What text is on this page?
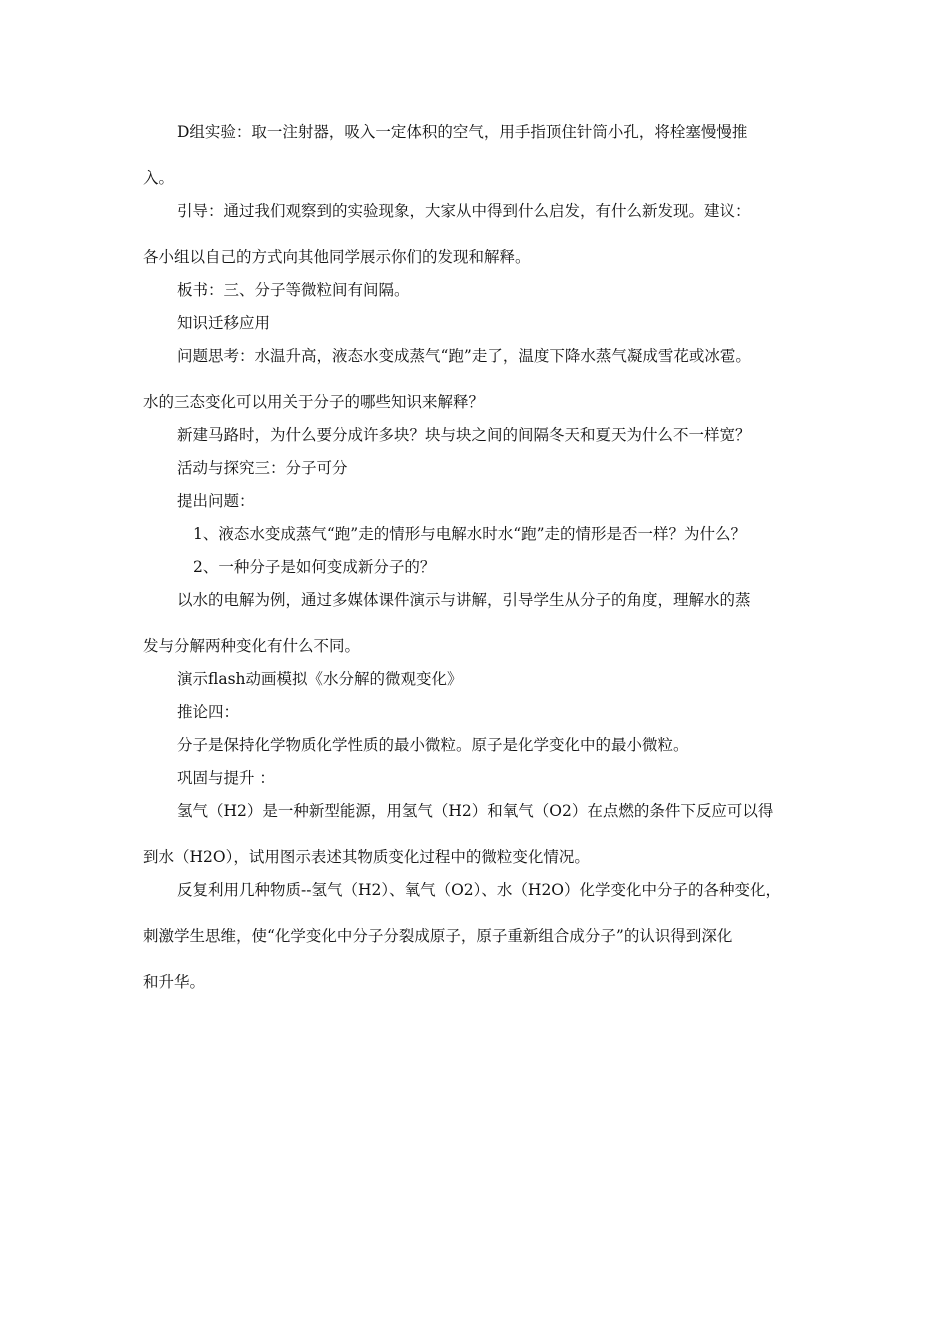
D组实验：取一注射器，吸入一定体积的空气，用手指顶住针筒小孔，将栓塞慢慢推

入。

引导：通过我们观察到的实验现象，大家从中得到什么启发，有什么新发现。建议：

各小组以自己的方式向其他同学展示你们的发现和解释。

板书：三、分子等微粒间有间隔。

知识迁移应用

问题思考：水温升高，液态水变成蒸气“跑”走了，温度下降水蒸气凝成雪花或冰雹。

水的三态变化可以用关于分子的哪些知识来解释？

新建马路时，为什么要分成许多块？块与块之间的间隔冬天和夏天为什么不一样宽？

活动与探究三：分子可分

提出问题：

1、液态水变成蒸气“跑”走的情形与电解水时水“跑”走的情形是否一样？为什么？

2、一种分子是如何变成新分子的？

以水的电解为例，通过多媒体课件演示与讲解，引导学生从分子的角度，理解水的蒸

发与分解两种变化有什么不同。

演示flash动画模拟《水分解的微观变化》

推论四：

分子是保持化学物质化学性质的最小微粒。原子是化学变化中的最小微粒。

巩固与提升 ：

氢气（H2）是一种新型能源，用氢气（H2）和氧气（O2）在点燃的条件下反应可以得

到水（H2O），试用图示表述其物质变化过程中的微粒变化情况。

反复利用几种物质--氢气（H2）、氧气（O2）、水（H2O）化学变化中分子的各种变化，

刺激学生思维，使“化学变化中分子分裂成原子，原子重新组合成分子”的认识得到深化

和升华。
